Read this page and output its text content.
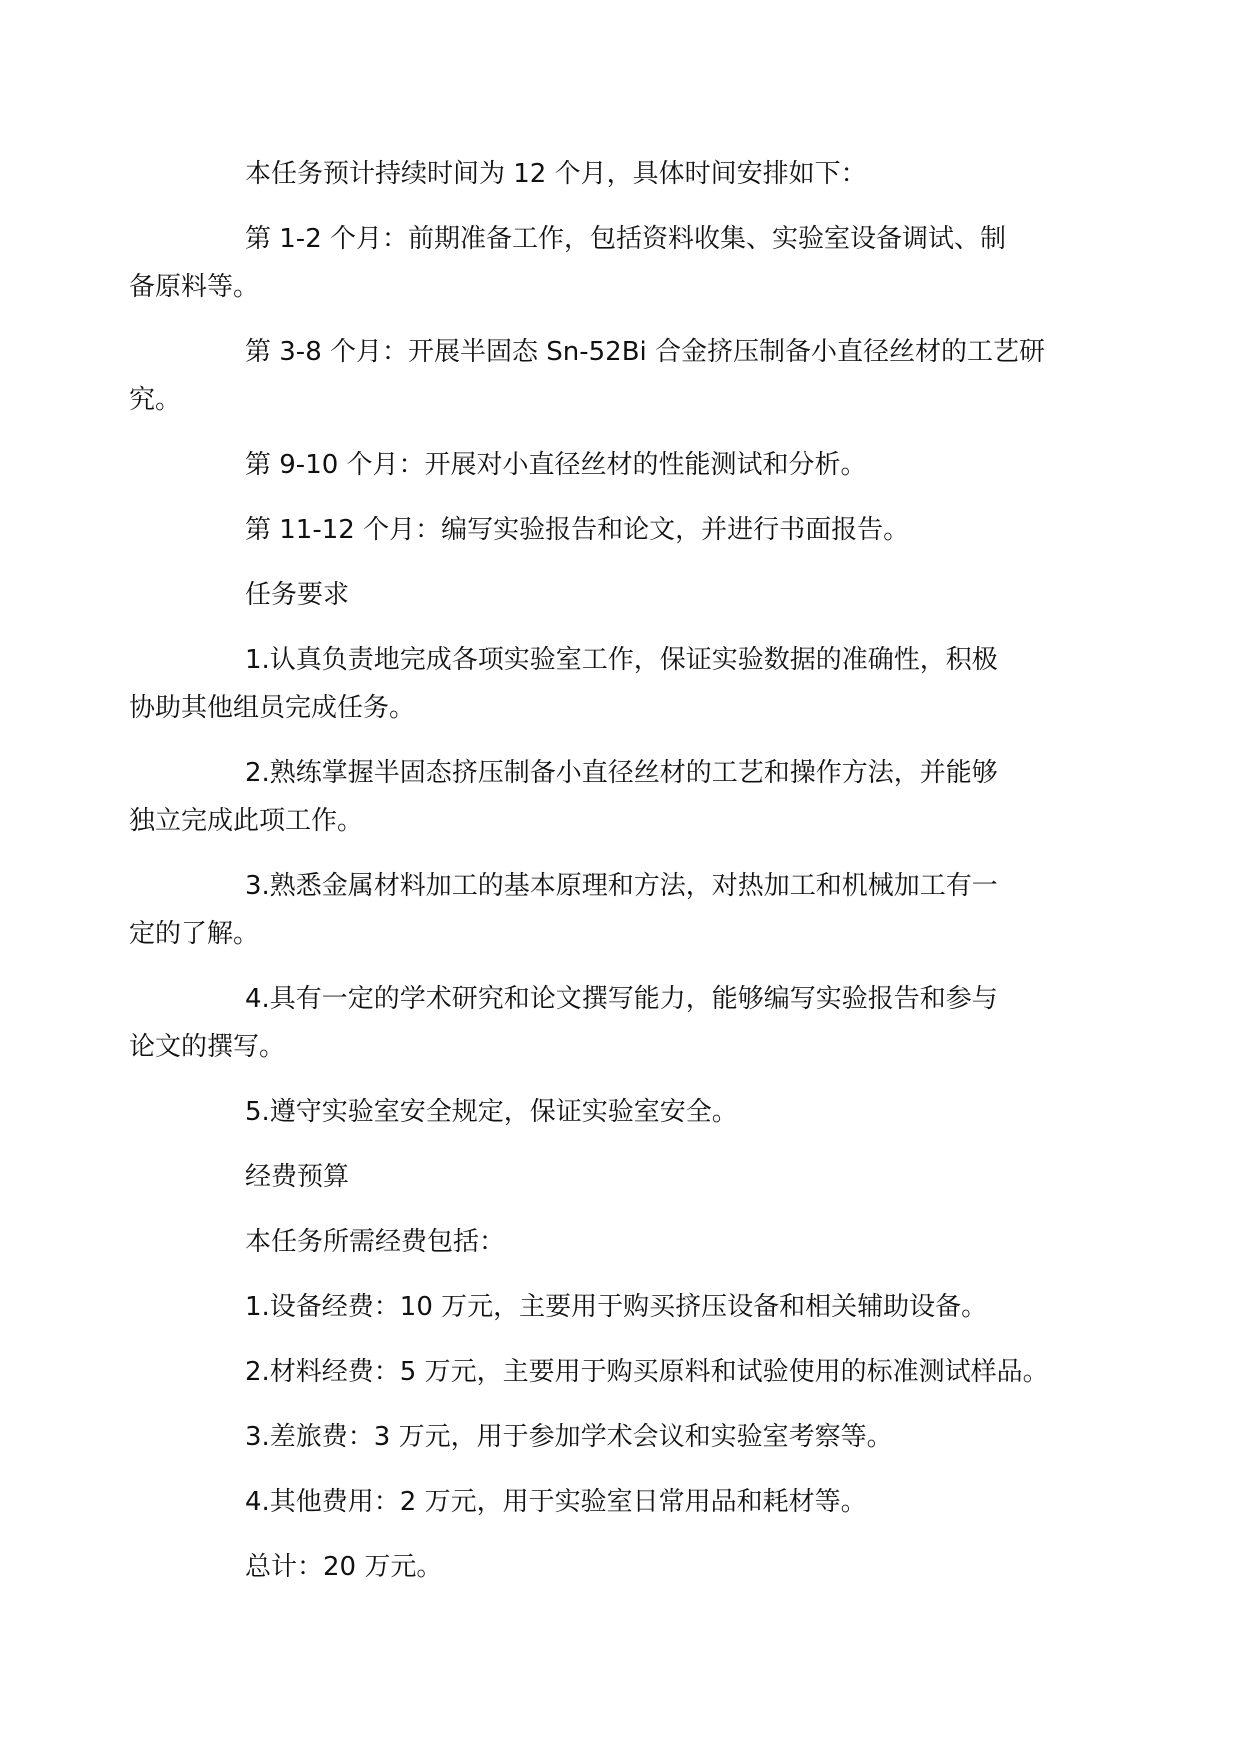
本任务预计持续时间为 12 个月，具体时间安排如下：

第 1-2 个月：前期准备工作，包括资料收集、实验室设备调试、制
备原料等。

第 3-8 个月：开展半固态 Sn-52Bi 合金挤压制备小直径丝材的工艺研
究。

第 9-10 个月：开展对小直径丝材的性能测试和分析。

第 11-12 个月：编写实验报告和论文，并进行书面报告。

任务要求

1.认真负责地完成各项实验室工作，保证实验数据的准确性，积极
协助其他组员完成任务。

2.熟练掌握半固态挤压制备小直径丝材的工艺和操作方法，并能够
独立完成此项工作。

3.熟悉金属材料加工的基本原理和方法，对热加工和机械加工有一
定的了解。

4.具有一定的学术研究和论文撰写能力，能够编写实验报告和参与
论文的撰写。

5.遵守实验室安全规定，保证实验室安全。

经费预算

本任务所需经费包括：

1.设备经费：10 万元，主要用于购买挤压设备和相关辅助设备。

2.材料经费：5 万元，主要用于购买原料和试验使用的标准测试样品。

3.差旅费：3 万元，用于参加学术会议和实验室考察等。

4.其他费用：2 万元，用于实验室日常用品和耗材等。

总计：20 万元。
